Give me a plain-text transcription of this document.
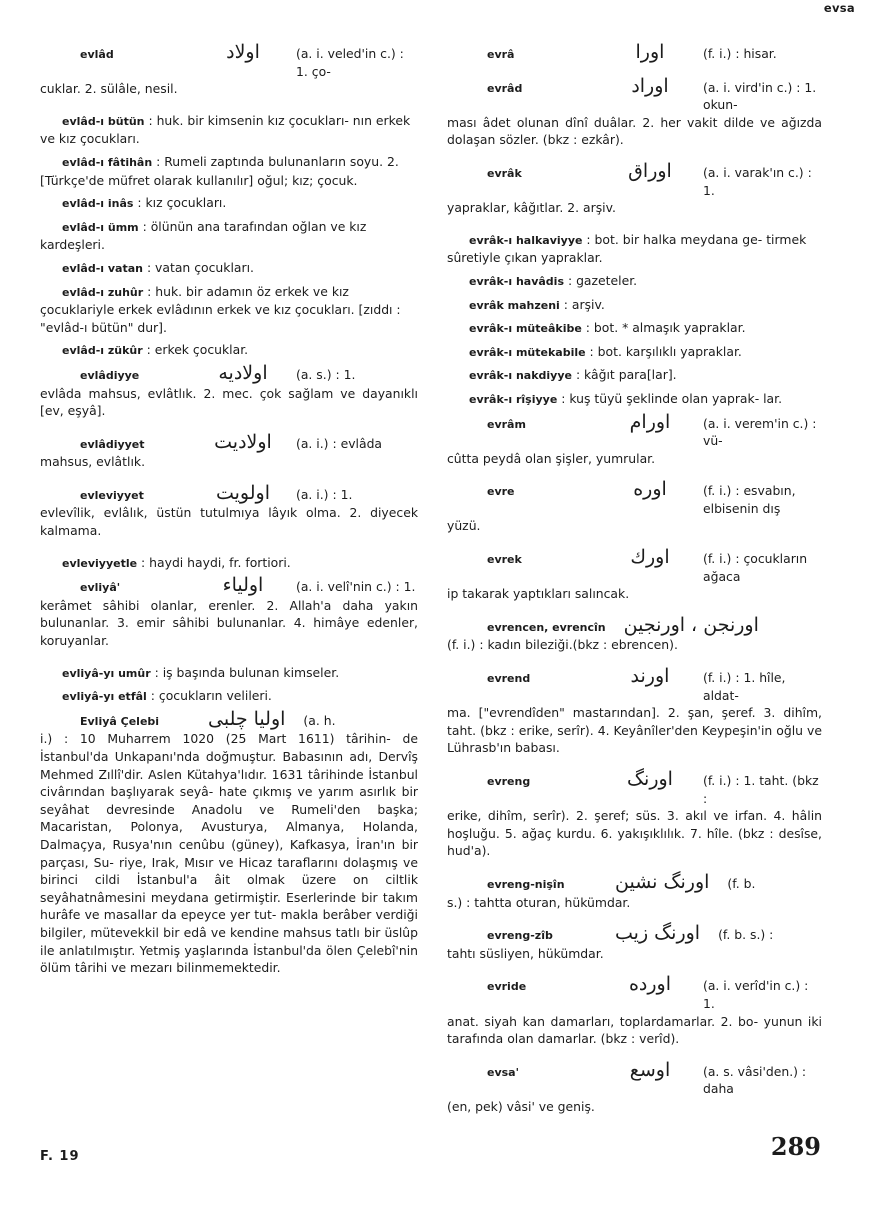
evsa
evlâd	اولاد	(a. i. veled'in c.) : 1. ço-

cuklar. 2. sülâle, nesil.

evlâd-ı bütün : huk. bir kimsenin kız çocukları- nın erkek ve kız çocukları.
evlâd-ı fâtihân : Rumeli zaptında bulunanların soyu. 2. [Türkçe'de müfret olarak kullanılır] oğul; kız; çocuk.
evlâd-ı inâs : kız çocukları.
evlâd-ı ümm : ölünün ana tarafından oğlan ve kız kardeşleri.
evlâd-ı vatan : vatan çocukları.
evlâd-ı zuhûr : huk. bir adamın öz erkek ve kız çocuklariyle erkek evlâdının erkek ve kız çocukları. [zıddı : "evlâd-ı bütün" dur].
evlâd-ı zükûr : erkek çocuklar.
evlâdiyye	اولاديه	(a. s.) : 1.

evlâda mahsus, evlâtlık. 2. mec. çok sağlam ve dayanıklı [ev, eşyâ].

evlâdiyyet	اولاديت	(a. i.) : evlâda

mahsus, evlâtlık.

evleviyyet	اولويت	(a. i.) : 1.

evlevîlik, evlâlık, üstün tutulmıya lâyık olma. 2. diyecek kalmama.

evleviyyetle : haydi haydi, fr. fortiori.
evliyâ'	اولياء	(a. i. velî'nin c.) : 1.

kerâmet sâhibi olanlar, erenler. 2. Allah'a daha yakın bulunanlar. 3. emir sâhibi bulunanlar. 4. himâye edenler, koruyanlar.

evliyâ-yı umûr : iş başında bulunan kimseler.
evliyâ-yı etfâl : çocukların velileri.
Evliyâ Çelebi	اوليا چلبى (a. h.

i.) : 10 Muharrem 1020 (25 Mart 1611) târihin- de İstanbul'da Unkapanı'nda doğmuştur. Babasının adı, Dervîş Mehmed Zıllî'dir. Aslen Kütahya'lıdır. 1631 târihinde İstanbul civârından başlıyarak seyâ- hate çıkmış ve yarım asırlık bir seyâhat devresinde Anadolu ve Rumeli'den başka; Macaristan, Polonya, Avusturya, Almanya, Holanda, Dalmaçya, Rusya'nın cenûbu (güney), Kafkasya, İran'ın bir parçası, Su- riye, Irak, Mısır ve Hicaz taraflarını dolaşmış ve birinci cildi İstanbul'a âit olmak üzere on ciltlik seyâhatnâmesini meydana getirmiştir. Eserlerinde bir takım hurâfe ve masallar da epeyce yer tut- makla berâber verdiği bilgiler, mütevekkil bir edâ ve kendine mahsus tatlı bir üslûp ile anlatılmıştır. Yetmiş yaşlarında İstanbul'da ölen Çelebî'nin ölüm târihi ve mezarı bilinmemektedir.

evrâ	اورا	(f. i.) : hisar.
evrâd	اوراد	(a. i. vird'in c.) : 1. okun-

ması âdet olunan dînî duâlar. 2. her vakit dilde ve ağızda dolaşan sözler. (bkz : ezkâr).

evrâk	اوراق	(a. i. varak'ın c.) : 1.

yapraklar, kâğıtlar. 2. arşiv.

evrâk-ı halkaviyye : bot. bir halka meydana ge- tirmek sûretiyle çıkan yapraklar.
evrâk-ı havâdis : gazeteler.
evrâk mahzeni : arşiv.
evrâk-ı müteâkibe : bot. * almaşık yapraklar.
evrâk-ı mütekabile : bot. karşılıklı yapraklar.
evrâk-ı nakdiyye : kâğıt para[lar].
evrâk-ı rîşiyye : kuş tüyü şeklinde olan yaprak- lar.
evrâm	اورام	(a. i. verem'in c.) : vü-

cûtta peydâ olan şişler, yumrular.

evre	اوره	(f. i.) : esvabın, elbisenin dış

yüzü.

evrek	اورك	(f. i.) : çocukların ağaca

ip takarak yaptıkları salıncak.

evrencen, evrencîn اورنجن ، اورنجين

(f. i.) : kadın bileziği.(bkz : ebrencen).

evrend	اورند	(f. i.) : 1. hîle, aldat-

ma. ["evrendîden" mastarından]. 2. şan, şeref. 3. dihîm, taht. (bkz : erike, serîr). 4. Keyânîler'den Keypeşin'in oğlu ve Lührasb'ın babası.

evreng	اورنگ	(f. i.) : 1. taht. (bkz :

erike, dihîm, serîr). 2. şeref; süs. 3. akıl ve irfan. 4. hâlin hoşluğu. 5. ağaç kurdu. 6. yakışıklılık. 7. hîle. (bkz : desîse, hud'a).

evreng-nişîn	اورنگ نشين (f. b.

s.) : tahtta oturan, hükümdar.

evreng-zîb	اورنگ زيب (f. b. s.) :

tahtı süsliyen, hükümdar.

evride	اورده	(a. i. verîd'in c.) : 1.

anat. siyah kan damarları, toplardamarlar. 2. bo- yunun iki tarafında olan damarlar. (bkz : verîd).

evsa'	اوسع	(a. s. vâsi'den.) : daha

(en, pek) vâsi' ve geniş.

F. 19	289
